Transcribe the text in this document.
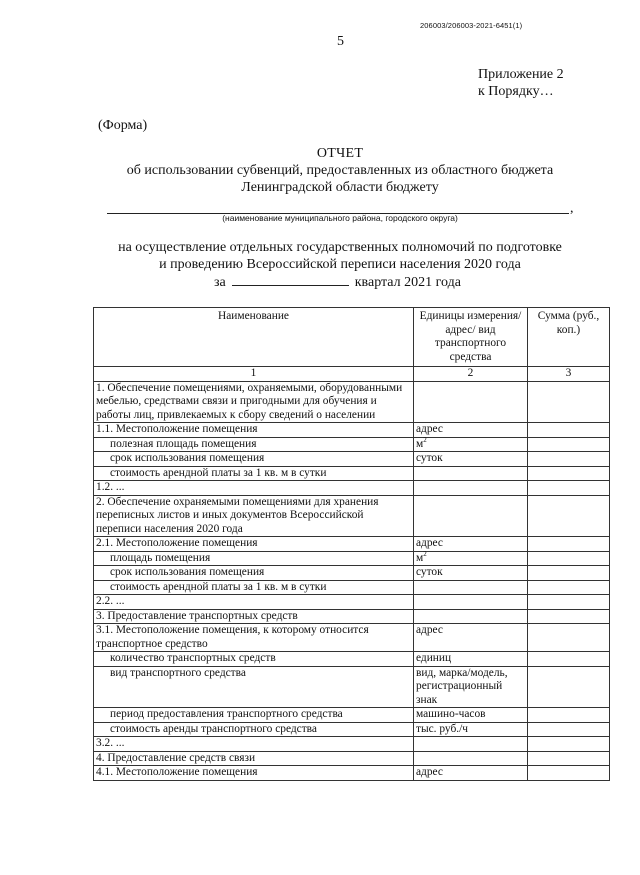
206003/206003-2021-6451(1)
5
Приложение 2
к Порядку…
(Форма)
ОТЧЕТ
об использовании субвенций, предоставленных из областного бюджета
Ленинградской области бюджету
,
(наименование муниципального района, городского округа)
на осуществление отдельных государственных полномочий по подготовке
и проведению Всероссийской переписи населения 2020 года
за	квартал 2021 года
Наименование	Единицы измерения/адрес/ вид транспортного средства	Сумма (руб., коп.)
1	2	3
1. Обеспечение помещениями, охраняемыми, оборудованными мебелью, средствами связи и пригодными для обучения и работы лиц, привлекаемых к сбору сведений о населении		
1.1. Местоположение помещения	адрес	
полезная площадь помещения	$м^2$	
срок использования помещения	суток	
стоимость арендной платы за 1 кв. м в сутки		
1.2. ...		
2. Обеспечение охраняемыми помещениями для хранения переписных листов и иных документов Всероссийской переписи населения 2020 года		
2.1. Местоположение помещения	адрес	
площадь помещения	$м^2$	
срок использования помещения	суток	
стоимость арендной платы за 1 кв. м в сутки		
2.2. ...		
3. Предоставление транспортных средств		
3.1. Местоположение помещения, к которому относится транспортное средство	адрес	
количество транспортных средств	единиц	
вид транспортного средства	вид, марка/модель, регистрационный знак	
период предоставления транспортного средства	машино-часов	
стоимость аренды транспортного средства	тыс. руб./ч	
3.2. ...		
4. Предоставление средств связи		
4.1. Местоположение помещения	адрес	
